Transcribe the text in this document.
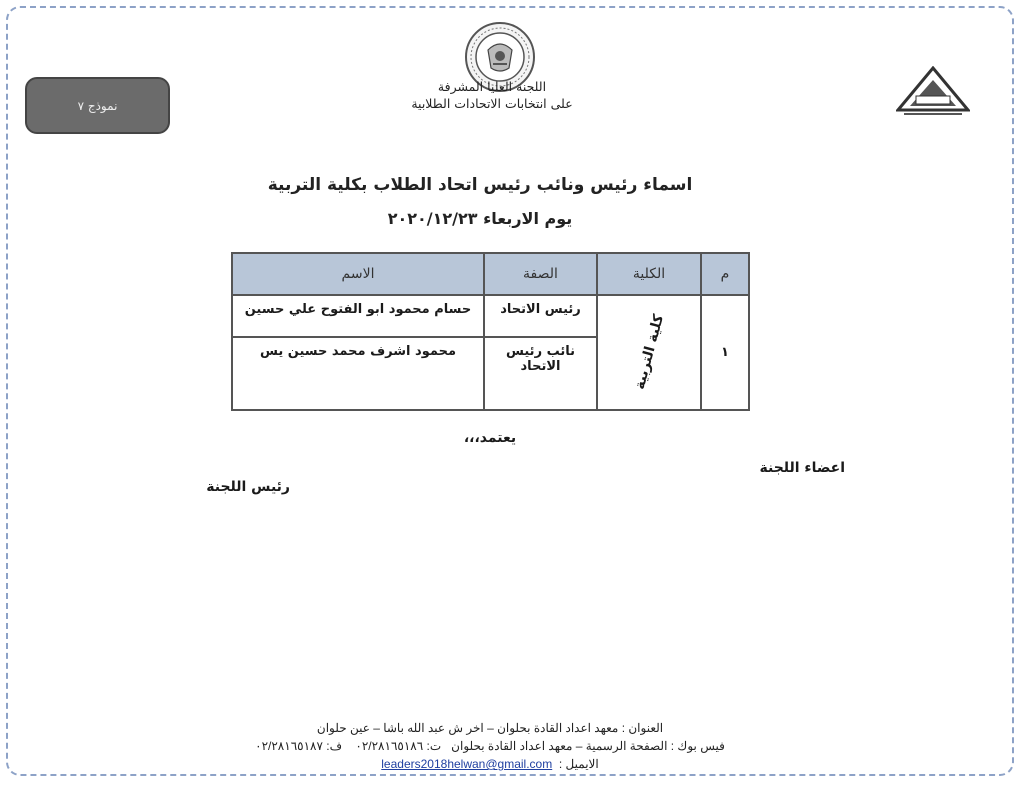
نموذج ٧
اللجنة العليا المشرفة
على انتخابات الاتحادات الطلابية
اسماء رئيس ونائب رئيس اتحاد الطلاب بكلية التربية
يوم الاربعاء ٢٠٢٠/١٢/٢٣
م	الكلية	الصفة	الاسم
١	كلية التربية	رئيس الاتحاد	حسام محمود ابو الفتوح علي حسين
		نائب رئيس الاتحاد	محمود اشرف محمد حسين يس
يعتمد،،،
اعضاء اللجنة
رئيس اللجنة
العنوان : معهد اعداد القادة بحلوان – اخر ش عبد الله باشا – عين حلوان
فيس بوك : الصفحة الرسمية – معهد اعداد القادة بحلوان   ت: ٠٢/٢٨١٦٥١٨٦    ف: ٠٢/٢٨١٦٥١٨٧
الايميل :  leaders2018helwan@gmail.com
